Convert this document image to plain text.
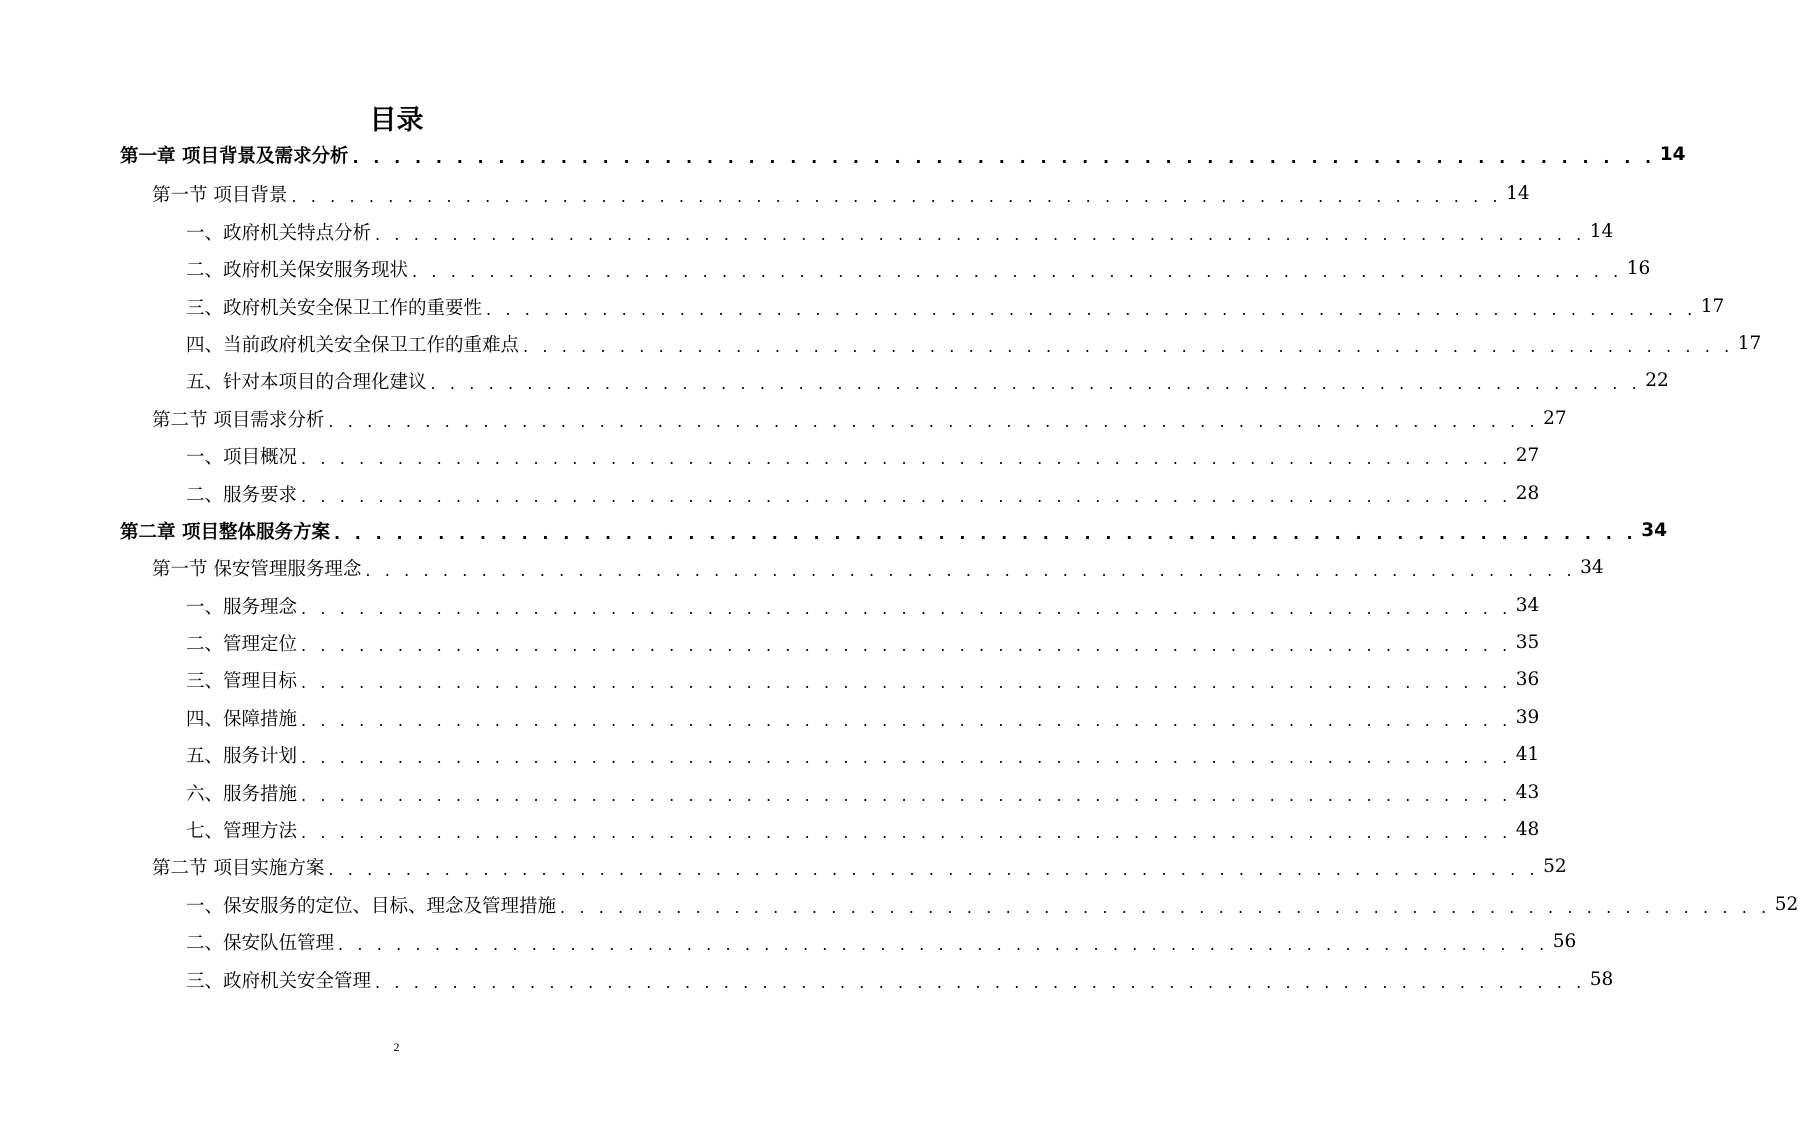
目录
第一章 项目背景及需求分析 . . . . . . . . . . . . . . . . . . . . . . . . . . . . . . . . . . . . . . . . . . . . . . . . . . . . . . . . . . . . . . . 14
第一节 项目背景 . . . . . . . . . . . . . . . . . . . . . . . . . . . . . . . . . . . . . . . . . . . . . . . . . . . . . . . . . . . . . . . 14
一、政府机关特点分析 . . . . . . . . . . . . . . . . . . . . . . . . . . . . . . . . . . . . . . . . . . . . . . . . . . . . . . . . . . . . . . . 14
二、政府机关保安服务现状 . . . . . . . . . . . . . . . . . . . . . . . . . . . . . . . . . . . . . . . . . . . . . . . . . . . . . . . . . . . . . . . 16
三、政府机关安全保卫工作的重要性 . . . . . . . . . . . . . . . . . . . . . . . . . . . . . . . . . . . . . . . . . . . . . . . . . . . . . . . . . . . . . . . 17
四、当前政府机关安全保卫工作的重难点 . . . . . . . . . . . . . . . . . . . . . . . . . . . . . . . . . . . . . . . . . . . . . . . . . . . . . . . . . . . . . . . 17
五、针对本项目的合理化建议 . . . . . . . . . . . . . . . . . . . . . . . . . . . . . . . . . . . . . . . . . . . . . . . . . . . . . . . . . . . . . . . 22
第二节 项目需求分析 . . . . . . . . . . . . . . . . . . . . . . . . . . . . . . . . . . . . . . . . . . . . . . . . . . . . . . . . . . . . . . . 27
一、项目概况 . . . . . . . . . . . . . . . . . . . . . . . . . . . . . . . . . . . . . . . . . . . . . . . . . . . . . . . . . . . . . . . 27
二、服务要求 . . . . . . . . . . . . . . . . . . . . . . . . . . . . . . . . . . . . . . . . . . . . . . . . . . . . . . . . . . . . . . . 28
第二章 项目整体服务方案 . . . . . . . . . . . . . . . . . . . . . . . . . . . . . . . . . . . . . . . . . . . . . . . . . . . . . . . . . . . . . . . 34
第一节 保安管理服务理念 . . . . . . . . . . . . . . . . . . . . . . . . . . . . . . . . . . . . . . . . . . . . . . . . . . . . . . . . . . . . . . . 34
一、服务理念 . . . . . . . . . . . . . . . . . . . . . . . . . . . . . . . . . . . . . . . . . . . . . . . . . . . . . . . . . . . . . . . 34
二、管理定位 . . . . . . . . . . . . . . . . . . . . . . . . . . . . . . . . . . . . . . . . . . . . . . . . . . . . . . . . . . . . . . . 35
三、管理目标 . . . . . . . . . . . . . . . . . . . . . . . . . . . . . . . . . . . . . . . . . . . . . . . . . . . . . . . . . . . . . . . 36
四、保障措施 . . . . . . . . . . . . . . . . . . . . . . . . . . . . . . . . . . . . . . . . . . . . . . . . . . . . . . . . . . . . . . . 39
五、服务计划 . . . . . . . . . . . . . . . . . . . . . . . . . . . . . . . . . . . . . . . . . . . . . . . . . . . . . . . . . . . . . . . 41
六、服务措施 . . . . . . . . . . . . . . . . . . . . . . . . . . . . . . . . . . . . . . . . . . . . . . . . . . . . . . . . . . . . . . . 43
七、管理方法 . . . . . . . . . . . . . . . . . . . . . . . . . . . . . . . . . . . . . . . . . . . . . . . . . . . . . . . . . . . . . . . 48
第二节 项目实施方案 . . . . . . . . . . . . . . . . . . . . . . . . . . . . . . . . . . . . . . . . . . . . . . . . . . . . . . . . . . . . . . . 52
一、保安服务的定位、目标、理念及管理措施 . . . . . . . . . . . . . . . . . . . . . . . . . . . . . . . . . . . . . . . . . . . . . . . . . . . . . . . . . . . . . . . 52
二、保安队伍管理 . . . . . . . . . . . . . . . . . . . . . . . . . . . . . . . . . . . . . . . . . . . . . . . . . . . . . . . . . . . . . . . 56
三、政府机关安全管理 . . . . . . . . . . . . . . . . . . . . . . . . . . . . . . . . . . . . . . . . . . . . . . . . . . . . . . . . . . . . . . . 58
2
